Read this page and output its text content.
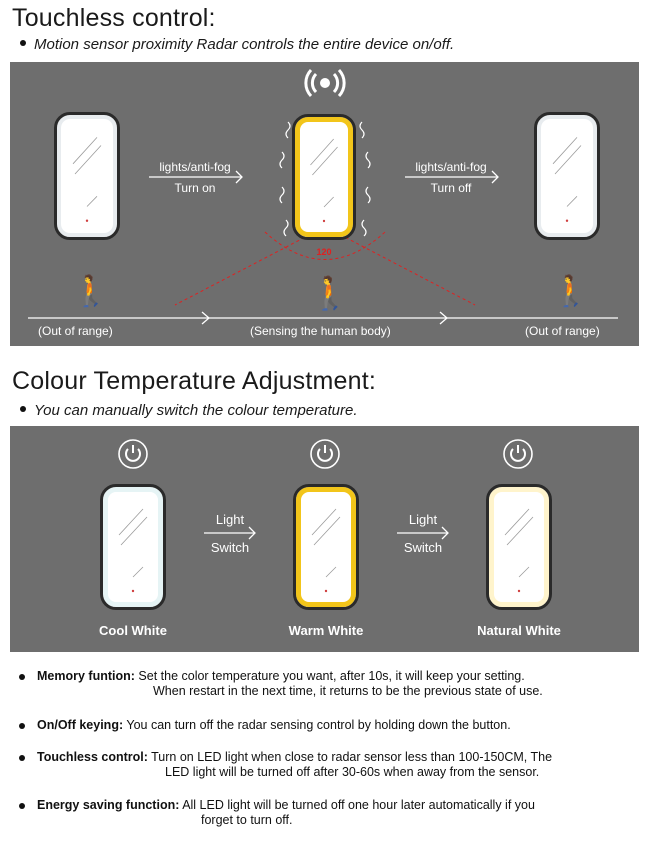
Touchless control:
Motion sensor proximity Radar controls the entire device on/off.
lights/anti-fog
Turn on
lights/anti-fog
Turn off
120
🚶	🚶	🚶
(Out of range)	(Sensing the human body)	(Out of range)
Colour Temperature Adjustment:
You can manually switch the colour temperature.
Light
Switch
Light
Switch
Cool White	Warm White	Natural White
Memory funtion: Set the color temperature you want, after 10s, it will keep your setting.
When restart in the next time, it returns to be the previous state of use.
On/Off keying: You can turn off the radar sensing control by holding down the button.
Touchless control: Turn on LED light when close to radar sensor less than 100-150CM, The
LED light will be turned off after 30-60s when away from the sensor.
Energy saving function: All LED light will be turned off one hour later automatically if you
forget to turn off.
